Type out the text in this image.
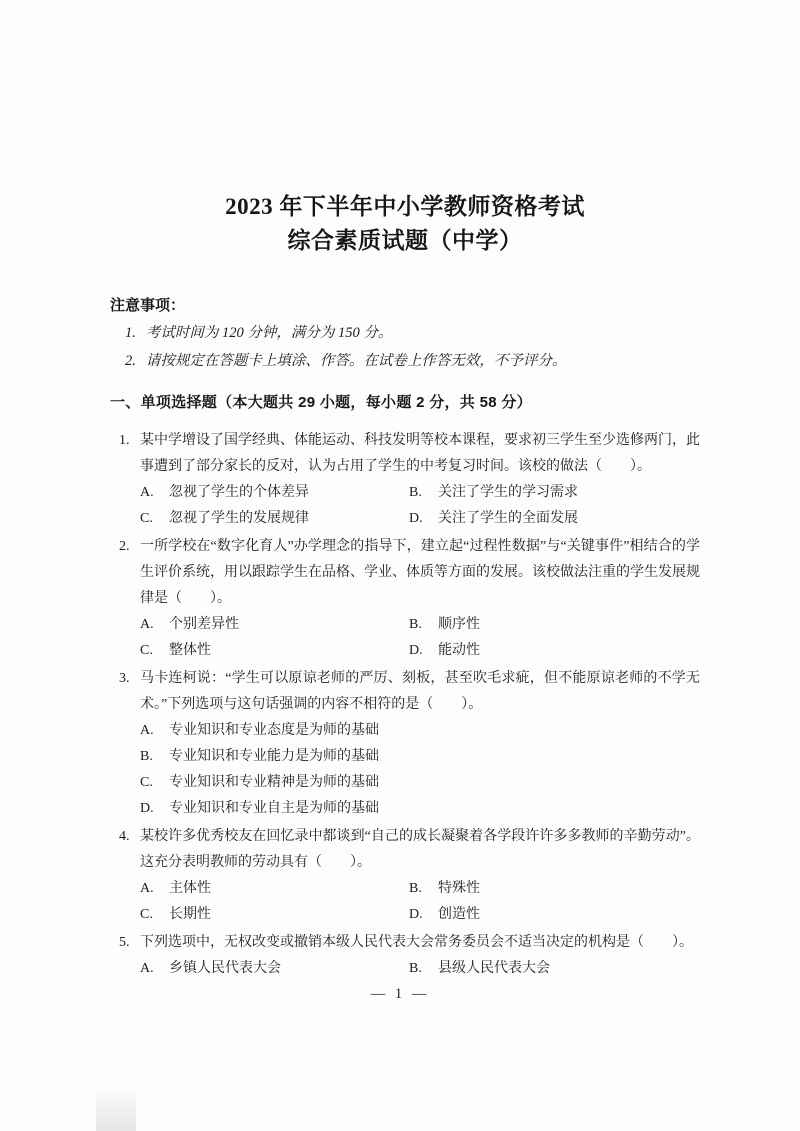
2023 年下半年中小学教师资格考试
综合素质试题（中学）
注意事项：
1. 考试时间为 120 分钟，满分为 150 分。
2. 请按规定在答题卡上填涂、作答。在试卷上作答无效，不予评分。
一、单项选择题（本大题共 29 小题，每小题 2 分，共 58 分）
1. 某中学增设了国学经典、体能运动、科技发明等校本课程，要求初三学生至少选修两门，此事遭到了部分家长的反对，认为占用了学生的中考复习时间。该校的做法（　　）。
A. 忽视了学生的个体差异	B. 关注了学生的学习需求
C. 忽视了学生的发展规律	D. 关注了学生的全面发展
2. 一所学校在“数字化育人”办学理念的指导下，建立起“过程性数据”与“关键事件”相结合的学生评价系统，用以跟踪学生在品格、学业、体质等方面的发展。该校做法注重的学生发展规律是（　　）。
A. 个别差异性	B. 顺序性
C. 整体性	D. 能动性
3. 马卡连柯说：“学生可以原谅老师的严厉、刻板，甚至吹毛求疵，但不能原谅老师的不学无术。”下列选项与这句话强调的内容不相符的是（　　）。
A. 专业知识和专业态度是为师的基础
B. 专业知识和专业能力是为师的基础
C. 专业知识和专业精神是为师的基础
D. 专业知识和专业自主是为师的基础
4. 某校许多优秀校友在回忆录中都谈到“自己的成长凝聚着各学段许许多多教师的辛勤劳动”。这充分表明教师的劳动具有（　　）。
A. 主体性	B. 特殊性
C. 长期性	D. 创造性
5. 下列选项中，无权改变或撤销本级人民代表大会常务委员会不适当决定的机构是（　　）。
A. 乡镇人民代表大会	B. 县级人民代表大会
— 1 —
